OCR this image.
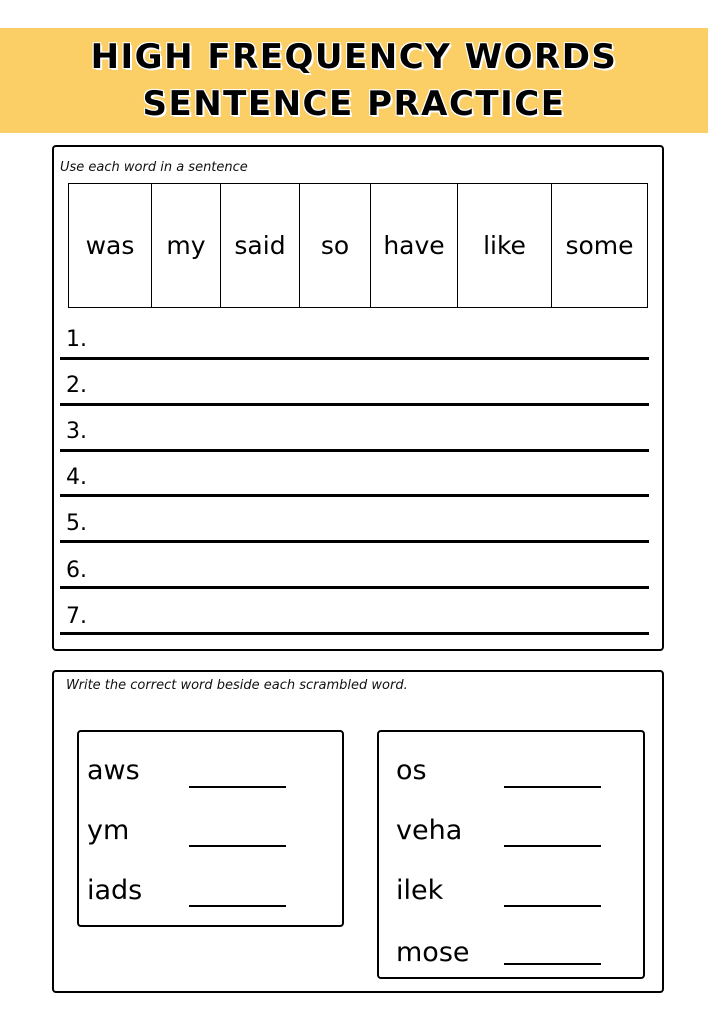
HIGH FREQUENCY WORDS
SENTENCE PRACTICE
Use each word in a sentence
was	my	said	so	have	like	some
1.
2.
3.
4.
5.
6.
7.
Write the correct word beside each scrambled word.
aws
ym
iads
os
veha
ilek
mose
